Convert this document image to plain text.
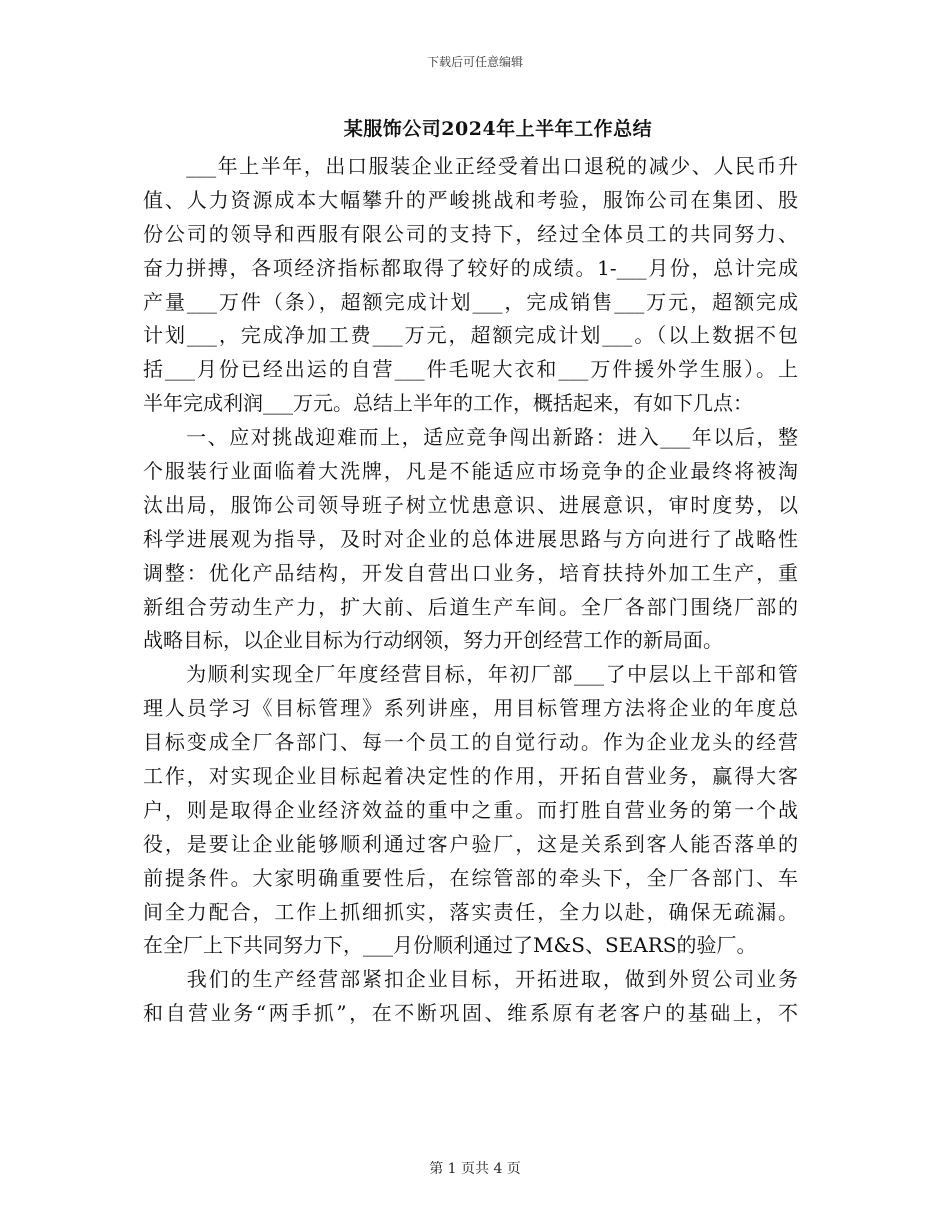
下载后可任意编辑
某服饰公司2024年上半年工作总结
　　___年上半年，出口服装企业正经受着出口退税的减少、人民币升
值、人力资源成本大幅攀升的严峻挑战和考验，服饰公司在集团、股
份公司的领导和西服有限公司的支持下，经过全体员工的共同努力、
奋力拼搏，各项经济指标都取得了较好的成绩。1-___月份，总计完成
产量___万件（条），超额完成计划___，完成销售___万元，超额完成
计划___，完成净加工费___万元，超额完成计划___。（以上数据不包
括___月份已经出运的自营___件毛呢大衣和___万件援外学生服）。上
半年完成利润___万元。总结上半年的工作，概括起来，有如下几点：
　　一、应对挑战迎难而上，适应竞争闯出新路：进入___年以后，整
个服装行业面临着大洗牌，凡是不能适应市场竞争的企业最终将被淘
汰出局，服饰公司领导班子树立忧患意识、进展意识，审时度势，以
科学进展观为指导，及时对企业的总体进展思路与方向进行了战略性
调整：优化产品结构，开发自营出口业务，培育扶持外加工生产，重
新组合劳动生产力，扩大前、后道生产车间。全厂各部门围绕厂部的
战略目标，以企业目标为行动纲领，努力开创经营工作的新局面。
　　为顺利实现全厂年度经营目标，年初厂部___了中层以上干部和管
理人员学习《目标管理》系列讲座，用目标管理方法将企业的年度总
目标变成全厂各部门、每一个员工的自觉行动。作为企业龙头的经营
工作，对实现企业目标起着决定性的作用，开拓自营业务，赢得大客
户，则是取得企业经济效益的重中之重。而打胜自营业务的第一个战
役，是要让企业能够顺利通过客户验厂，这是关系到客人能否落单的
前提条件。大家明确重要性后，在综管部的牵头下，全厂各部门、车
间全力配合，工作上抓细抓实，落实责任，全力以赴，确保无疏漏。
在全厂上下共同努力下，___月份顺利通过了M&S、SEARS的验厂。
　　我们的生产经营部紧扣企业目标，开拓进取，做到外贸公司业务
和自营业务“两手抓”，在不断巩固、维系原有老客户的基础上，不
第 1 页共 4 页
